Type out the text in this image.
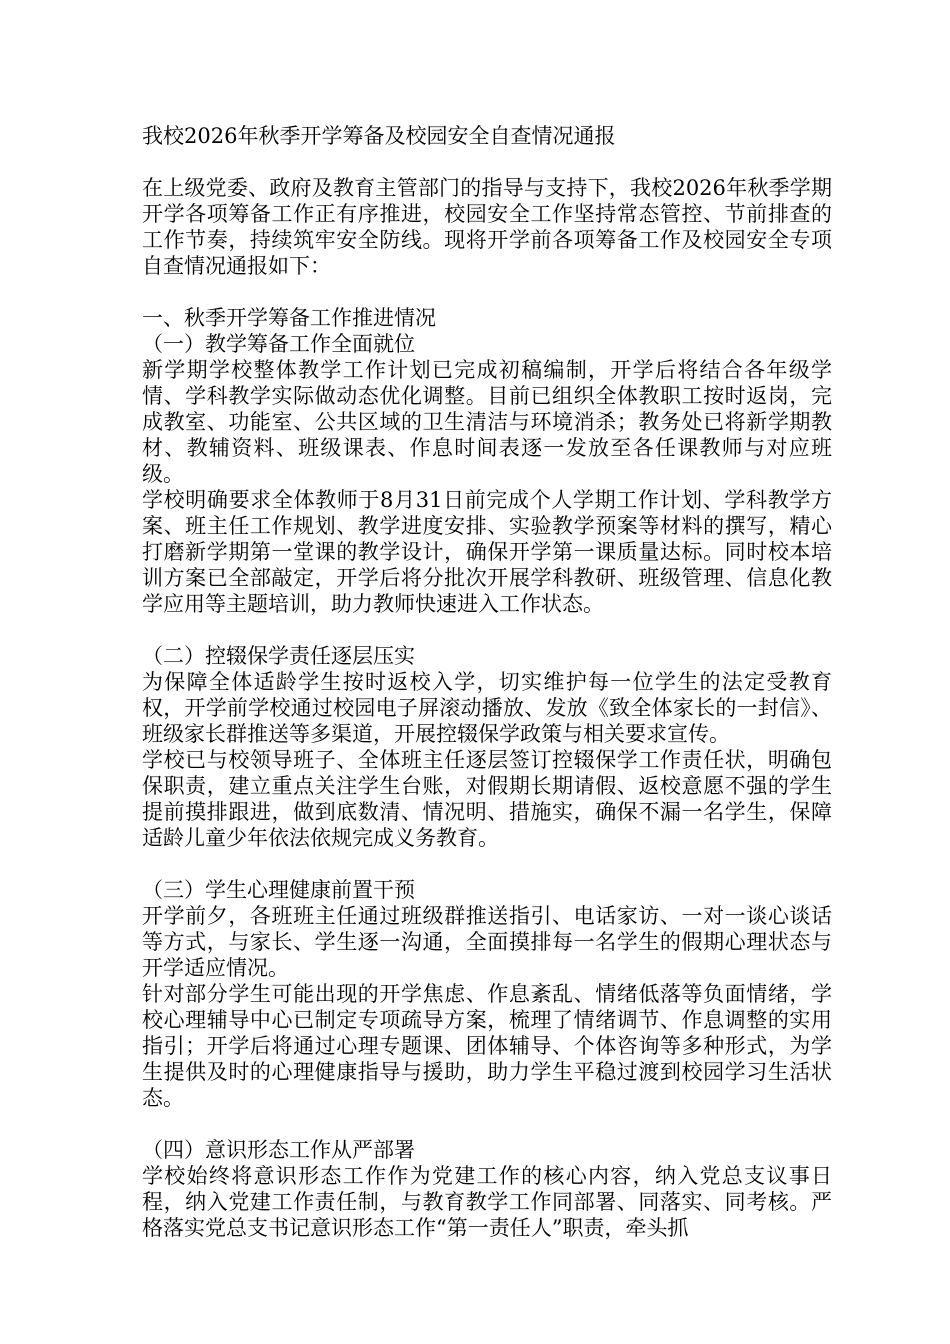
我校2026年秋季开学筹备及校园安全自查情况通报

在上级党委、政府及教育主管部门的指导与支持下，我校2026年秋季学期开学各项筹备工作正有序推进，校园安全工作坚持常态管控、节前排查的工作节奏，持续筑牢安全防线。现将开学前各项筹备工作及校园安全专项自查情况通报如下：

一、秋季开学筹备工作推进情况

（一）教学筹备工作全面就位

新学期学校整体教学工作计划已完成初稿编制，开学后将结合各年级学情、学科教学实际做动态优化调整。目前已组织全体教职工按时返岗，完成教室、功能室、公共区域的卫生清洁与环境消杀；教务处已将新学期教材、教辅资料、班级课表、作息时间表逐一发放至各任课教师与对应班级。

学校明确要求全体教师于8月31日前完成个人学期工作计划、学科教学方案、班主任工作规划、教学进度安排、实验教学预案等材料的撰写，精心打磨新学期第一堂课的教学设计，确保开学第一课质量达标。同时校本培训方案已全部敲定，开学后将分批次开展学科教研、班级管理、信息化教学应用等主题培训，助力教师快速进入工作状态。

（二）控辍保学责任逐层压实

为保障全体适龄学生按时返校入学，切实维护每一位学生的法定受教育权，开学前学校通过校园电子屏滚动播放、发放《致全体家长的一封信》、班级家长群推送等多渠道，开展控辍保学政策与相关要求宣传。

学校已与校领导班子、全体班主任逐层签订控辍保学工作责任状，明确包保职责，建立重点关注学生台账，对假期长期请假、返校意愿不强的学生提前摸排跟进，做到底数清、情况明、措施实，确保不漏一名学生，保障适龄儿童少年依法依规完成义务教育。

（三）学生心理健康前置干预

开学前夕，各班班主任通过班级群推送指引、电话家访、一对一谈心谈话等方式，与家长、学生逐一沟通，全面摸排每一名学生的假期心理状态与开学适应情况。

针对部分学生可能出现的开学焦虑、作息紊乱、情绪低落等负面情绪，学校心理辅导中心已制定专项疏导方案，梳理了情绪调节、作息调整的实用指引；开学后将通过心理专题课、团体辅导、个体咨询等多种形式，为学生提供及时的心理健康指导与援助，助力学生平稳过渡到校园学习生活状态。

（四）意识形态工作从严部署

学校始终将意识形态工作作为党建工作的核心内容，纳入党总支议事日程，纳入党建工作责任制，与教育教学工作同部署、同落实、同考核。严格落实党总支书记意识形态工作“第一责任人”职责，牵头抓
